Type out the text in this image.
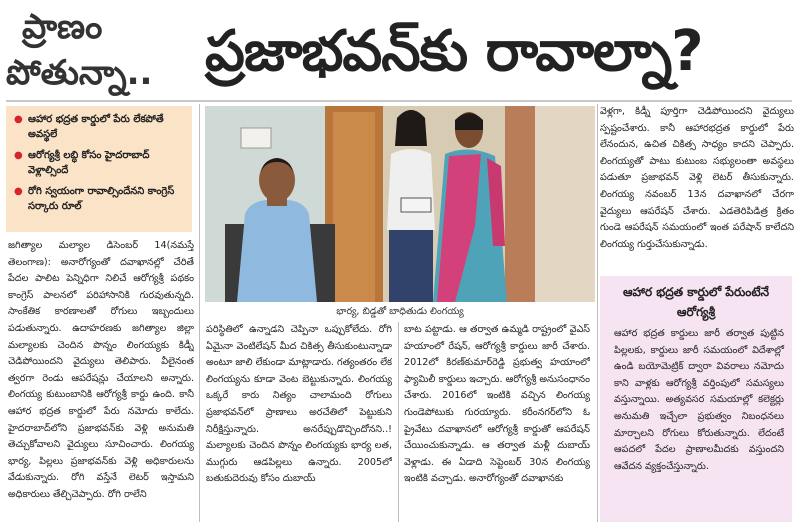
ప్రాణం
పోతున్నా.. ప్రజాభవన్‌కు రావాల్నా?
● ఆహార భద్రత కార్డులో పేరు లేకపోతే అవస్థలే
● ఆరోగ్యశ్రీ లబ్ధి కోసం హైదరాబాద్ వెళ్లాల్సిందే
● రోగి స్వయంగా రావాల్సిందేనని కాంగ్రెస్ సర్కారు రూల్

జగిత్యాల మల్యాల డిసెంబర్ 14(నమస్తే తెలంగాణ): అనారోగ్యంతో దవాఖానల్లో చేరితే పేదల పాలిట పెన్నిధిగా నిలిచే ఆరోగ్యశ్రీ పథకం కాంగ్రెస్ పాలనలో పరిహాసానికి గురవుతున్నది. సాంకేతిక కారణాలతో రోగులు ఇబ్బందులు పడుతున్నారు. ఉదాహరణకు జగిత్యాల జిల్లా మల్యాలకు చెందిన పొన్నం లింగయ్యకు కిడ్నీ చెడిపోయిందని వైద్యులు తెలిపారు. వీలైనంత త్వరగా రెండు ఆపరేషన్లు చేయాలని అన్నారు. లింగయ్య కుటుంబానికి ఆరోగ్యశ్రీ కార్డు ఉంది. కానీ ఆహార భద్రత కార్డులో పేరు నమోదు కాలేదు. హైదరాబాద్‌లోని ప్రజాభవన్‌కు వెళ్లి అనుమతి తెచ్చుకోవాలని వైద్యులు సూచించారు. లింగయ్య భార్య, పిల్లలు ప్రజాభవన్‌కు వెళ్లి అధికారులను వేడుకున్నారు. రోగి వస్తేనే లెటర్ ఇస్తామని అధికారులు తేల్చిచెప్పారు. రోగి రాలేని

భార్య, బిడ్డతో బాధితుడు లింగయ్య

పరిస్థితిలో ఉన్నాడని చెప్పినా ఒప్పుకోలేదు. రోగి ఏమైనా వెంటిలేషన్ మీద చికిత్స తీసుకుంటున్నాడా అంటూ జాలి లేకుండా మాట్లాడారు. గత్యంతరం లేక లింగయ్యను కూడా వెంట బెట్టుకున్నారు. లింగయ్య ఒక్కరే కారు నిత్యం చాలామంది రోగులు ప్రజాభవన్‌లో ప్రాణాలు అరచేతిలో పెట్టుకుని నిరీక్షిస్తున్నారు. అనరేప్పుడొచ్చిందోనని..! మల్యాలకు చెందిన పొన్నం లింగయ్యకు భార్య లత, ముగ్గురు ఆడపిల్లలు ఉన్నారు. 2005లో బతుకుదెరువు కోసం దుబాయ్

బాట పట్టాడు. ఆ తర్వాత ఉమ్మడి రాష్ట్రంలో వైఎస్ హయాంలో రేషన్, ఆరోగ్యశ్రీ కార్డులు జారీ చేశారు. 2012లో కిరణ్‌కుమార్‌రెడ్డి ప్రభుత్వ హయాంలో ఫ్యామిలీ కార్డులు ఇచ్చారు. ఆరోగ్యశ్రీ అనుసంధానం చేశారు. 2016లో ఇంటికి వచ్చిన లింగయ్య గుండెపోటుకు గురయ్యారు. కరీంనగర్‌లోని ఓ ప్రైవేటు దవాఖానలో ఆరోగ్యశ్రీ కార్డుతో ఆపరేషన్ చేయించుకున్నాడు. ఆ తర్వాత మళ్లీ దుబాయ్ వెళ్లాడు. ఈ ఏడాది సెప్టెంబర్ 30న లింగయ్య ఇంటికి వచ్చాడు. అనారోగ్యంతో దవాఖానకు

వెళ్లగా, కిడ్నీ పూర్తిగా చెడిపోయిందని వైద్యులు స్పష్టంచేశారు. కానీ ఆహారభద్రత కార్డులో పేరు లేనందున, ఉచిత చికిత్స సాధ్యం కాదని చెప్పారు. లింగయ్యతో పాటు కుటుంబ సభ్యులంతా అవస్థలు పడుతూ ప్రజాభవన్ వెళ్లి లెటర్ తీసుకున్నారు. లింగయ్య నవంబర్ 13న దవాఖానలో చేరగా వైద్యులు ఆపరేషన్ చేశారు. ఎడతెరిపిడిత్ర క్రితం గుండె ఆపరేషన్ సమయంలో ఇంత పరేషాన్ కాలేదని లింగయ్య గుర్తుచేసుకున్నాడు.

ఆహార భద్రత కార్డులో పేరుంటేనే ఆరోగ్యశ్రీ

ఆహార భద్రత కార్డులు జారీ తర్వాత పుట్టిన పిల్లలకు, కార్డులు జారీ సమయంలో విదేశాల్లో ఉండి బయోమెట్రిక్ ద్వారా వివరాలు నమోదు కాని వాళ్లకు ఆరోగ్యశ్రీ వర్తింపులో సమస్యలు వస్తున్నాయి. అత్యవసర సమయాల్లో కలెక్టర్లు అనుమతి ఇచ్చేలా ప్రభుత్వం నిబంధనలు మార్చాలని రోగులు కోరుతున్నారు. లేదంటే ఆపదలో పేదల ప్రాణాలమీదకు వస్తుందని ఆవేదన వ్యక్తంచేస్తున్నారు.
